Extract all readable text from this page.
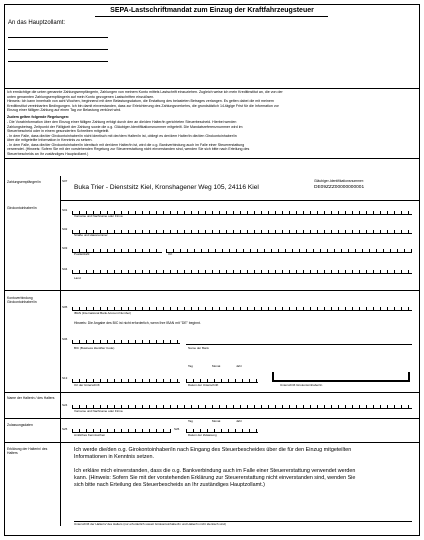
SEPA-Lastschriftmandat zum Einzug der Kraftfahrzeugsteuer
An das Hauptzollamt:
Ich ermächtige die unten genannte Zahlungsempfängerin, Zahlungen von meinem Konto mittels Lastschrift einzuziehen. Zugleich weise ich mein Kreditinstitut an, die von der
unten genannten Zahlungsempfängerin auf mein Konto gezogenen Lastschriften einzulösen.
Hinweis: Ich kann innerhalb von acht Wochen, beginnend mit dem Belastungsdatum, die Erstattung des belasteten Betrages verlangen. Es gelten dabei die mit meinem
Kreditinstitut vereinbarten Bedingungen. Ich bin damit einverstanden, dass zur Erleichterung des Zahlungsverkehrs, die grundsätzlich 14-tägige Frist für die Information vor
Einzug einer fälligen Zahlung auf einen Tag vor Belastung verkürzt wird.
Zudem gelten folgende Regelungen:
- Die Vorabinformation über den Einzug einer fälligen Zahlung erfolgt durch den an die/den Halter/in gerichteten Steuerbescheid. Hierbei werden
Zahlungsbetrag, Zeitpunkt der Fälligkeit der Zahlung sowie die o.g. Gläubiger-Identifikationsnummer mitgeteilt. Die Mandatsreferenznummer wird im
Steuerbescheid oder in einem gesonderten Schreiben mitgeteilt.
- In dem Falle, dass die/der Girokontoinhaber/in nicht identisch mit der/dem Halter/in ist, obliegt es der/dem Halter/in die/den Girokontoinhaber/in
über die mitgeteilte Information in Kenntnis zu setzen.
- In dem Falle, dass die/der Girokontoinhaber/in identisch mit der/dem Halter/in ist, wird die o.g. Bankverbindung auch im Falle einer Steuererstattung
verwendet. (Hinweis: Sofern Sie mit der vorstehenden Regelung zur Steuererstattung nicht einverstanden sind, wenden Sie sich bitte nach Erteilung des
Steuerbescheids an Ihr zuständiges Hauptzollamt.)
Zahlungsempfänger/in	S07
Buka Trier - Dienstsitz Kiel, Kronshagener Weg 105, 24116 Kiel
Gläubiger-Identifikationsnummer:
DE09ZZZ00000000001
Girokontoinhaber/in	S01
Vorname und Nachname oder Firma
S02
Straße und Hausnummer
S03
Postleitzahl	Ort
S04
Land
Kontoverbindung Girokontoinhaber/in
S05
IBAN (International Bank Account Number)
Hinweis: Die Angabe des BIC ist nicht erforderlich, wenn Ihre IBAN mit "DE" beginnt.
S06
BIC (Business Identifier Code)	Name der Bank
Tag	Monat	Jahr
S13
Ort der Unterschrift	Datum der Unterschrift	Unterschrift Girokontoinhaber/in
Name der Halterin / des Halters
S24
Vorname und Nachname oder Firma
Zulassungsdaten
Tag	Monat	Jahr
S25	S26
Amtliches Kennzeichen	Datum der Zulassung
Erklärung der Halterin/ des Halters
Ich werde die/den o.g. Girokontoinhaber/in nach Eingang des Steuerbescheides über die für den Einzug mitgeteilten
Informationen in Kenntnis setzen.
Ich erkläre mich einverstanden, dass die o.g. Bankverbindung auch im Falle einer Steuererstattung verwendet werden
kann. (Hinweis: Sofern Sie mit der vorstehenden Erklärung zur Steuererstattung nicht einverstanden sind, wenden Sie
sich bitte nach Erteilung des Steuerbescheids an Ihr zuständiges Hauptzollamt.)
Unterschrift der Halterin/ des Halters (nur erforderlich soweit Girokontoinhaber/in und Halter/in nicht identisch sind)
